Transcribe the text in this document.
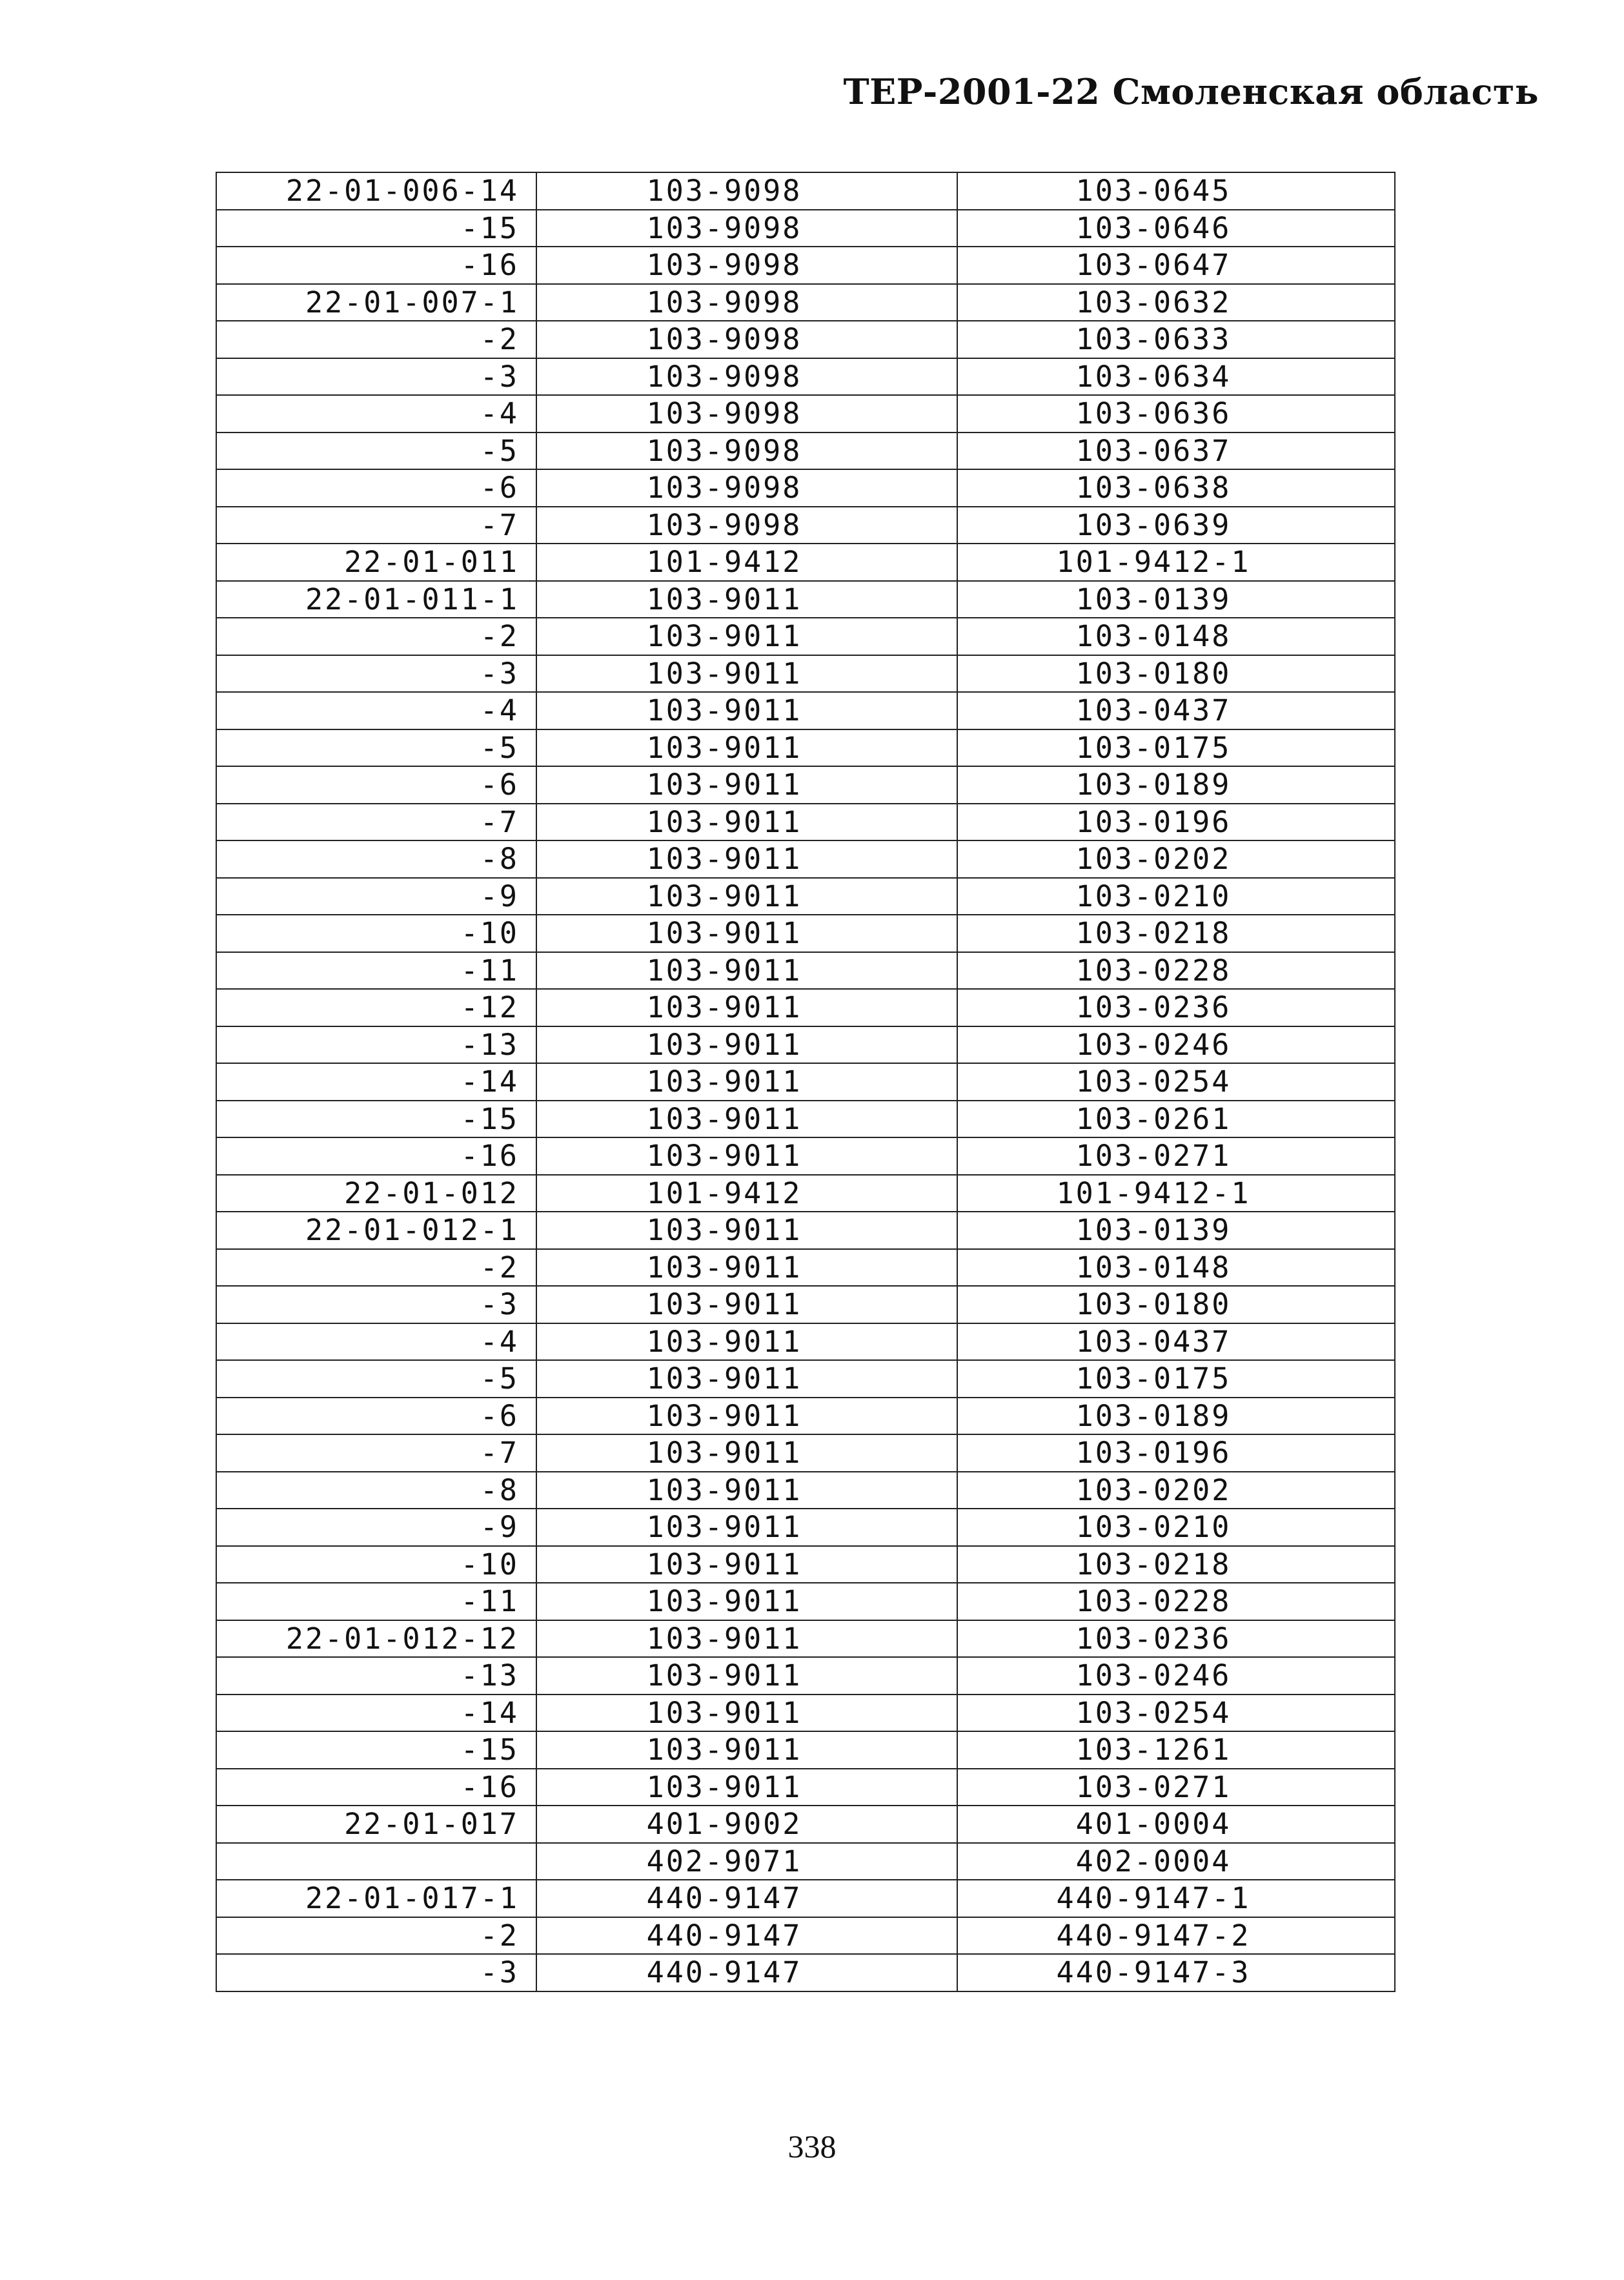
ТЕР-2001-22 Смоленская область
22-01-006-14	103-9098	103-0645
-15	103-9098	103-0646
-16	103-9098	103-0647
22-01-007-1	103-9098	103-0632
-2	103-9098	103-0633
-3	103-9098	103-0634
-4	103-9098	103-0636
-5	103-9098	103-0637
-6	103-9098	103-0638
-7	103-9098	103-0639
22-01-011	101-9412	101-9412-1
22-01-011-1	103-9011	103-0139
-2	103-9011	103-0148
-3	103-9011	103-0180
-4	103-9011	103-0437
-5	103-9011	103-0175
-6	103-9011	103-0189
-7	103-9011	103-0196
-8	103-9011	103-0202
-9	103-9011	103-0210
-10	103-9011	103-0218
-11	103-9011	103-0228
-12	103-9011	103-0236
-13	103-9011	103-0246
-14	103-9011	103-0254
-15	103-9011	103-0261
-16	103-9011	103-0271
22-01-012	101-9412	101-9412-1
22-01-012-1	103-9011	103-0139
-2	103-9011	103-0148
-3	103-9011	103-0180
-4	103-9011	103-0437
-5	103-9011	103-0175
-6	103-9011	103-0189
-7	103-9011	103-0196
-8	103-9011	103-0202
-9	103-9011	103-0210
-10	103-9011	103-0218
-11	103-9011	103-0228
22-01-012-12	103-9011	103-0236
-13	103-9011	103-0246
-14	103-9011	103-0254
-15	103-9011	103-1261
-16	103-9011	103-0271
22-01-017	401-9002	401-0004
	402-9071	402-0004
22-01-017-1	440-9147	440-9147-1
-2	440-9147	440-9147-2
-3	440-9147	440-9147-3
338
